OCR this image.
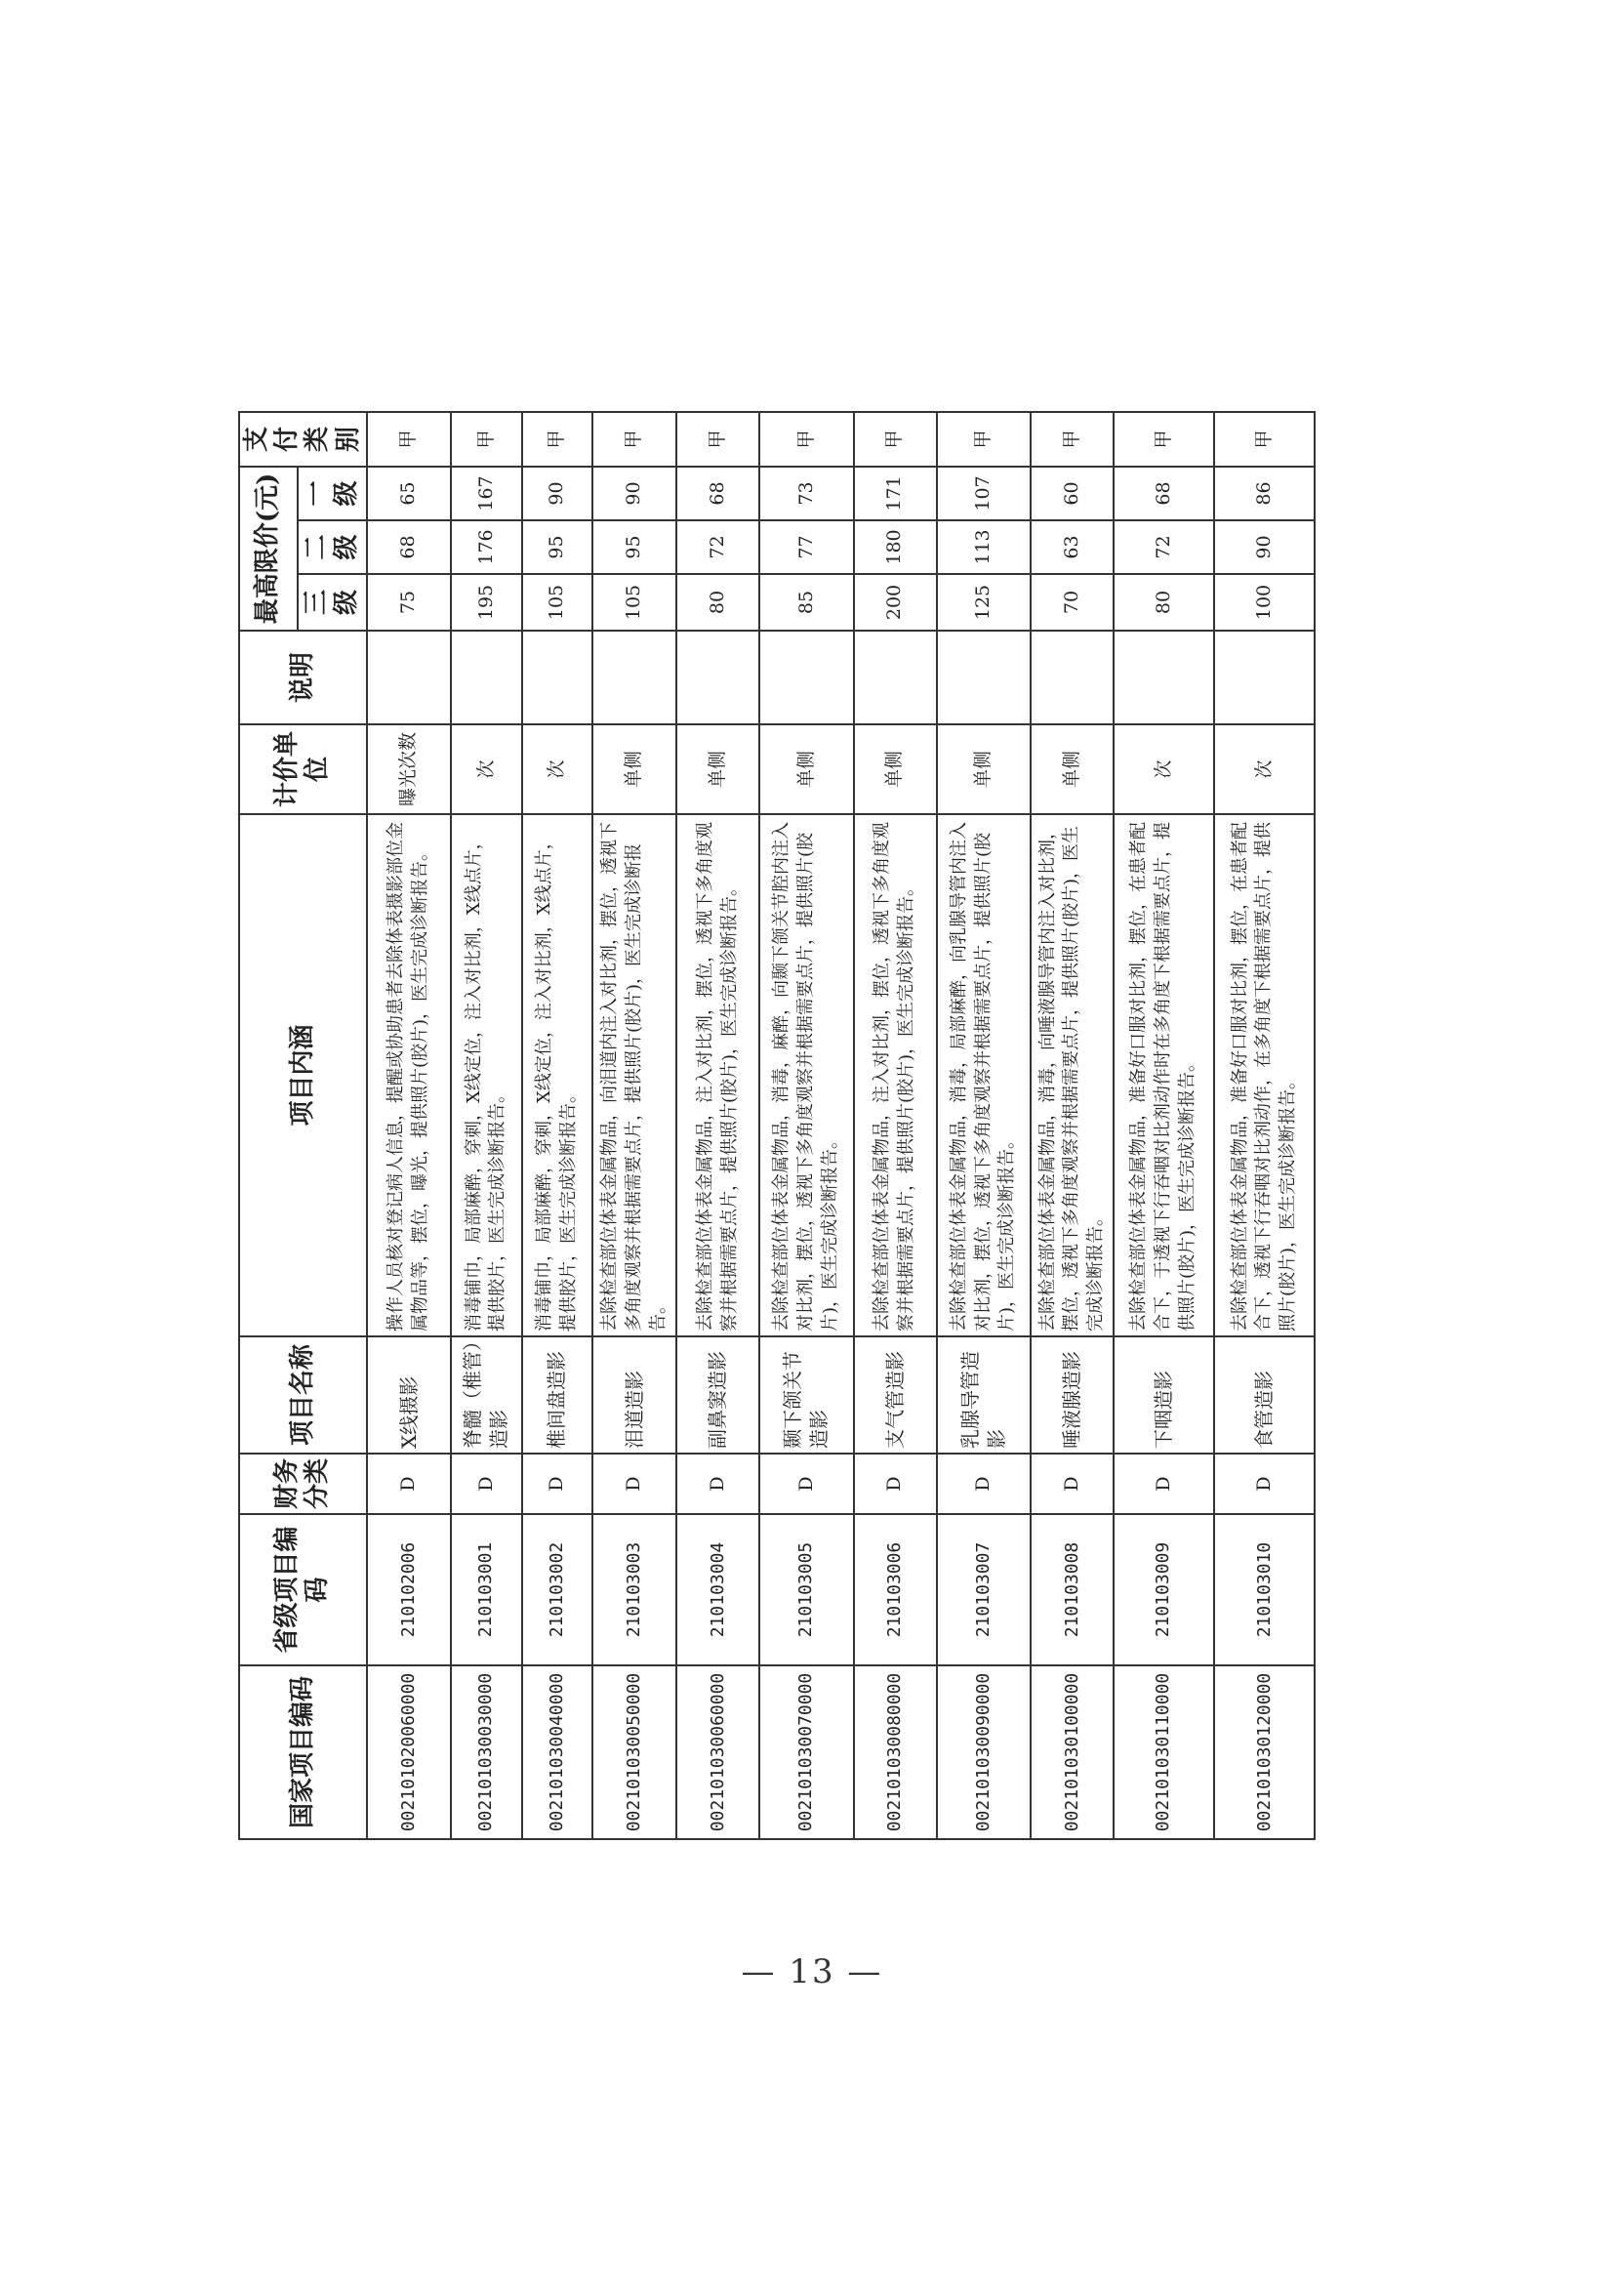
国家项目编码	省级项目编码	财务分类	项目名称	项目内涵	计价单位	说明	最高限价(元)			支付类别
							三级	二级	一级	
002101020060000	210102006	D	X线摄影	操作人员核对登记病人信息，提醒或协助患者去除体表摄影部位金属物品等，摆位，曝光，提供照片(胶片)，医生完成诊断报告。	曝光次数		75	68	65	甲
002101030030000	210103001	D	脊髓（椎管）造影	消毒铺巾，局部麻醉，穿刺，X线定位，注入对比剂，X线点片，提供胶片，医生完成诊断报告。	次		195	176	167	甲
002101030040000	210103002	D	椎间盘造影	消毒铺巾，局部麻醉，穿刺，X线定位，注入对比剂，X线点片，提供胶片，医生完成诊断报告。	次		105	95	90	甲
002101030050000	210103003	D	泪道造影	去除检查部位体表金属物品，向泪道内注入对比剂，摆位，透视下多角度观察并根据需要点片，提供照片(胶片)，医生完成诊断报告。	单侧		105	95	90	甲
002101030060000	210103004	D	副鼻窦造影	去除检查部位体表金属物品，注入对比剂，摆位，透视下多角度观察并根据需要点片，提供照片(胶片)，医生完成诊断报告。	单侧		80	72	68	甲
002101030070000	210103005	D	颞下颌关节造影	去除检查部位体表金属物品，消毒，麻醉，向颞下颌关节腔内注入对比剂，摆位，透视下多角度观察并根据需要点片，提供照片(胶片)，医生完成诊断报告。	单侧		85	77	73	甲
002101030080000	210103006	D	支气管造影	去除检查部位体表金属物品，注入对比剂，摆位，透视下多角度观察并根据需要点片，提供照片(胶片)，医生完成诊断报告。	单侧		200	180	171	甲
002101030090000	210103007	D	乳腺导管造影	去除检查部位体表金属物品，消毒，局部麻醉，向乳腺导管内注入对比剂，摆位，透视下多角度观察并根据需要点片，提供照片(胶片)，医生完成诊断报告。	单侧		125	113	107	甲
002101030100000	210103008	D	唾液腺造影	去除检查部位体表金属物品，消毒，向唾液腺导管内注入对比剂，摆位，透视下多角度观察并根据需要点片，提供照片(胶片)，医生完成诊断报告。	单侧		70	63	60	甲
002101030110000	210103009	D	下咽造影	去除检查部位体表金属物品，准备好口服对比剂，摆位，在患者配合下，于透视下行吞咽对比剂动作时在多角度下根据需要点片，提供照片(胶片)，医生完成诊断报告。	次		80	72	68	甲
002101030120000	210103010	D	食管造影	去除检查部位体表金属物品，准备好口服对比剂，摆位，在患者配合下，透视下行吞咽对比剂动作，在多角度下根据需要点片，提供照片(胶片)，医生完成诊断报告。	次		100	90	86	甲
— 13 —
